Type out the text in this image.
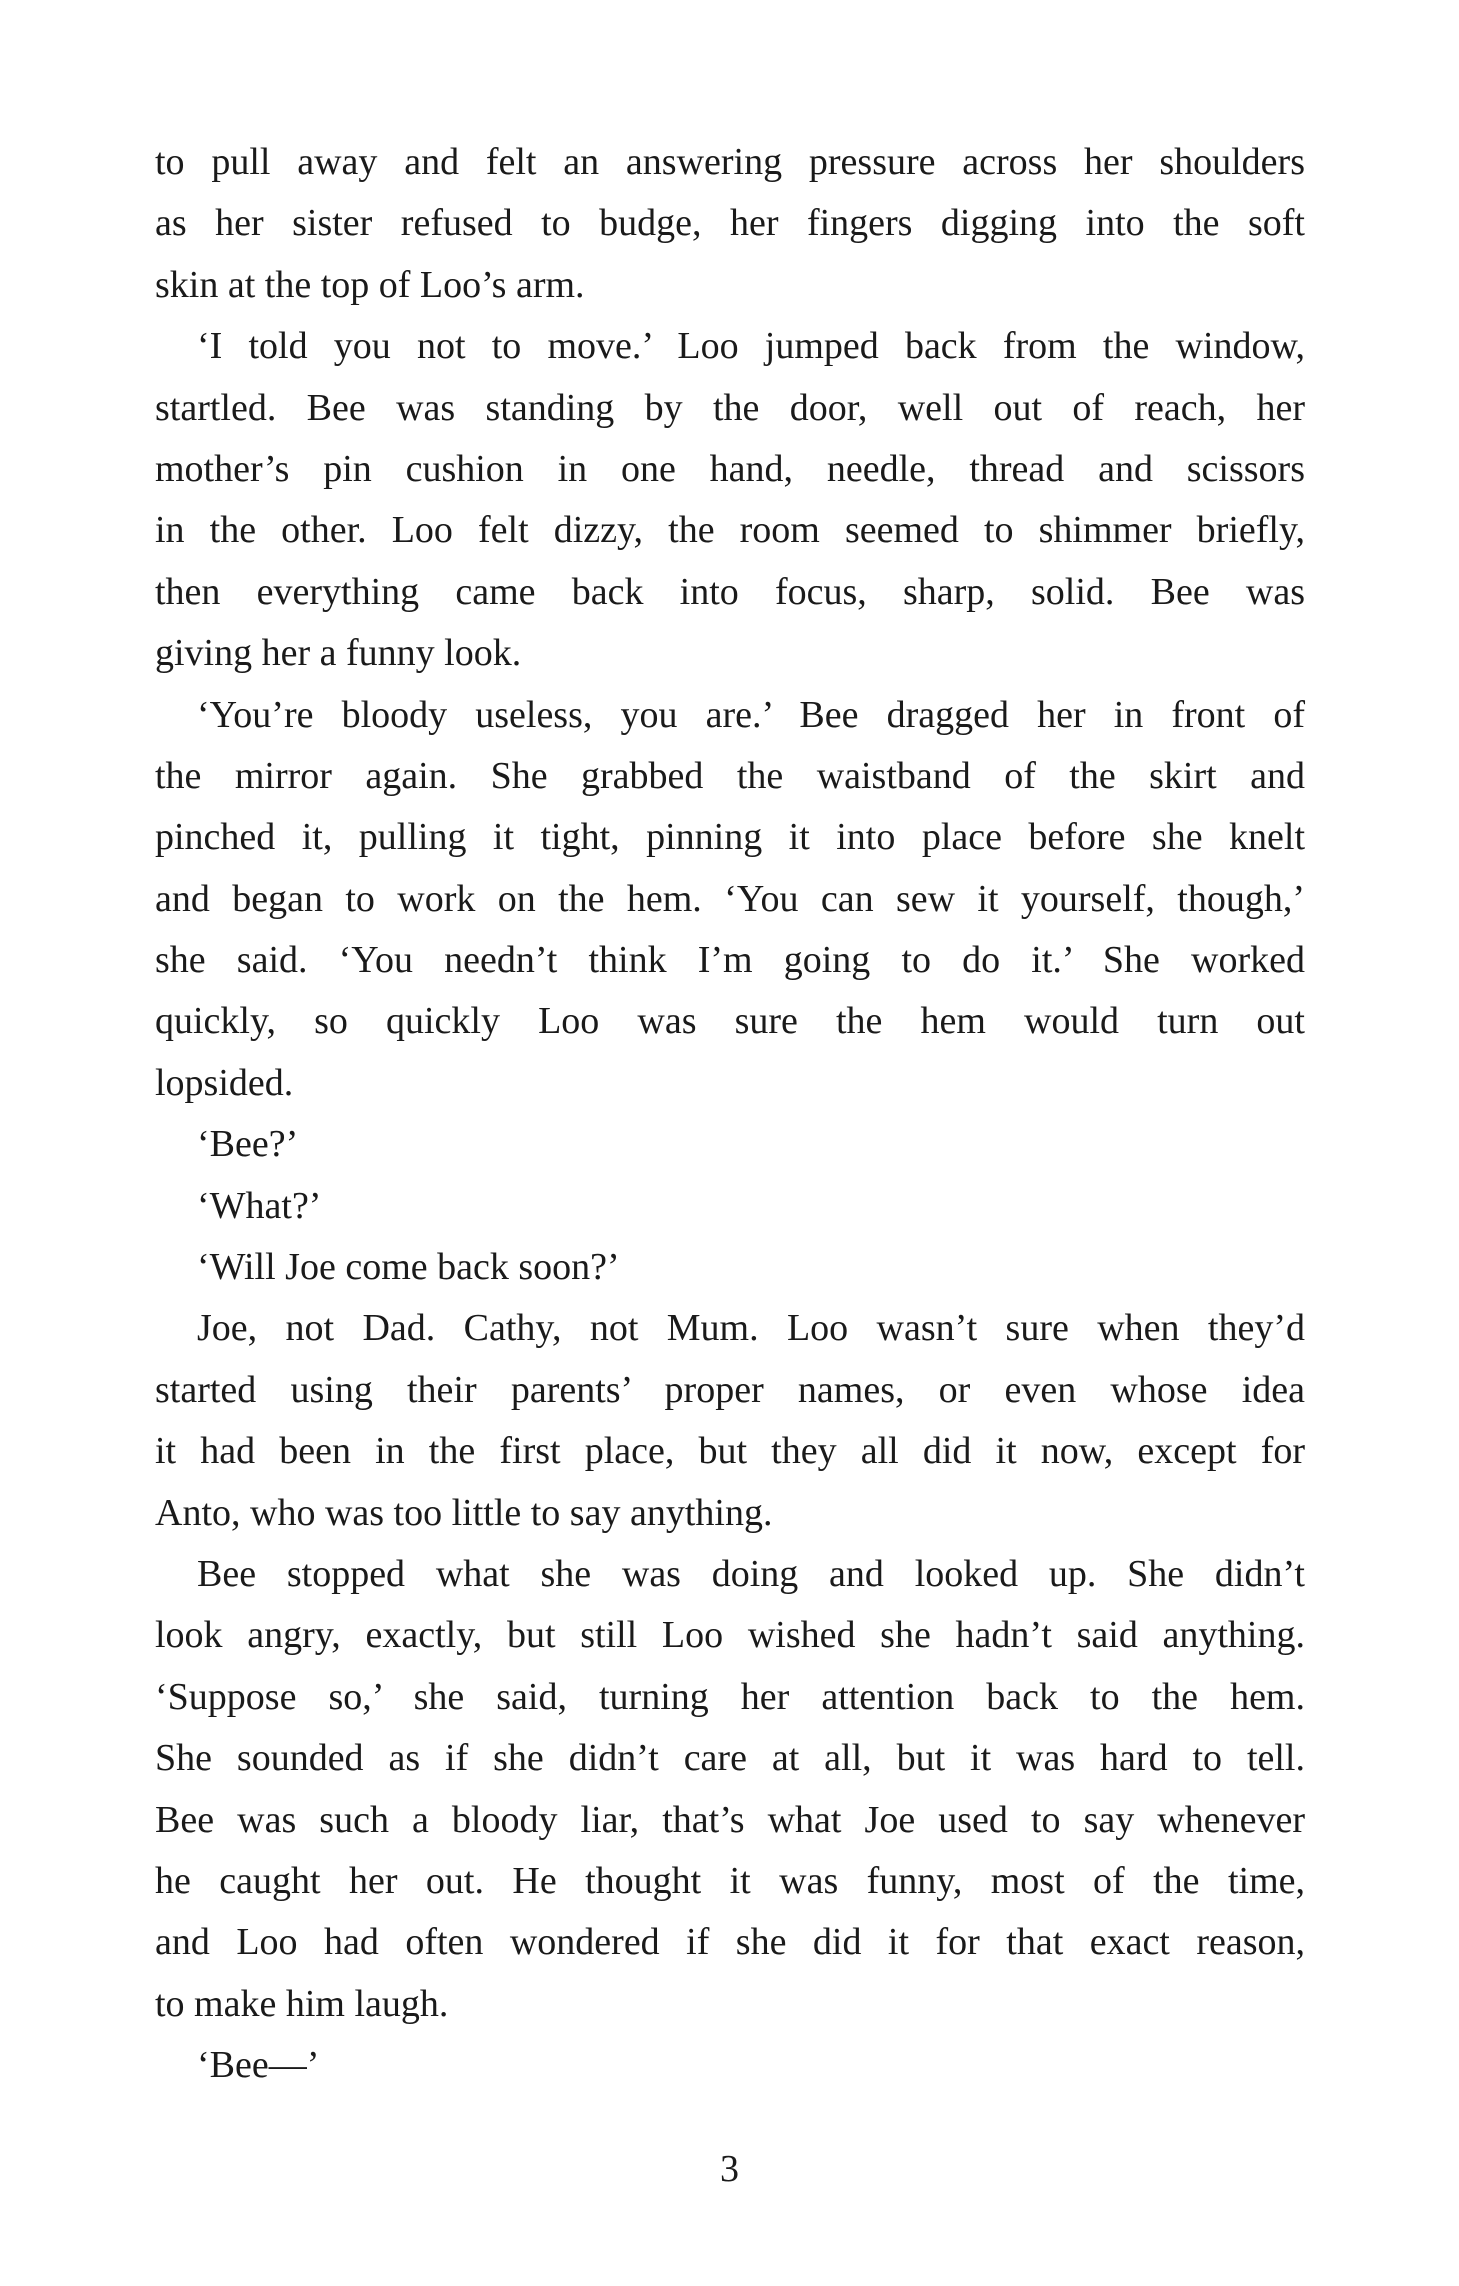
to pull away and felt an answering pressure across her shoulders
as her sister refused to budge, her fingers digging into the soft
skin at the top of Loo’s arm.
‘I told you not to move.’ Loo jumped back from the window,
startled. Bee was standing by the door, well out of reach, her
mother’s pin cushion in one hand, needle, thread and scissors
in the other. Loo felt dizzy, the room seemed to shimmer briefly,
then everything came back into focus, sharp, solid. Bee was
giving her a funny look.
‘You’re bloody useless, you are.’ Bee dragged her in front of
the mirror again. She grabbed the waistband of the skirt and
pinched it, pulling it tight, pinning it into place before she knelt
and began to work on the hem. ‘You can sew it yourself, though,’
she said. ‘You needn’t think I’m going to do it.’ She worked
quickly, so quickly Loo was sure the hem would turn out
lopsided.
‘Bee?’
‘What?’
‘Will Joe come back soon?’
Joe, not Dad. Cathy, not Mum. Loo wasn’t sure when they’d
started using their parents’ proper names, or even whose idea
it had been in the first place, but they all did it now, except for
Anto, who was too little to say anything.
Bee stopped what she was doing and looked up. She didn’t
look angry, exactly, but still Loo wished she hadn’t said anything.
‘Suppose so,’ she said, turning her attention back to the hem.
She sounded as if she didn’t care at all, but it was hard to tell.
Bee was such a bloody liar, that’s what Joe used to say whenever
he caught her out. He thought it was funny, most of the time,
and Loo had often wondered if she did it for that exact reason,
to make him laugh.
‘Bee—’
3
